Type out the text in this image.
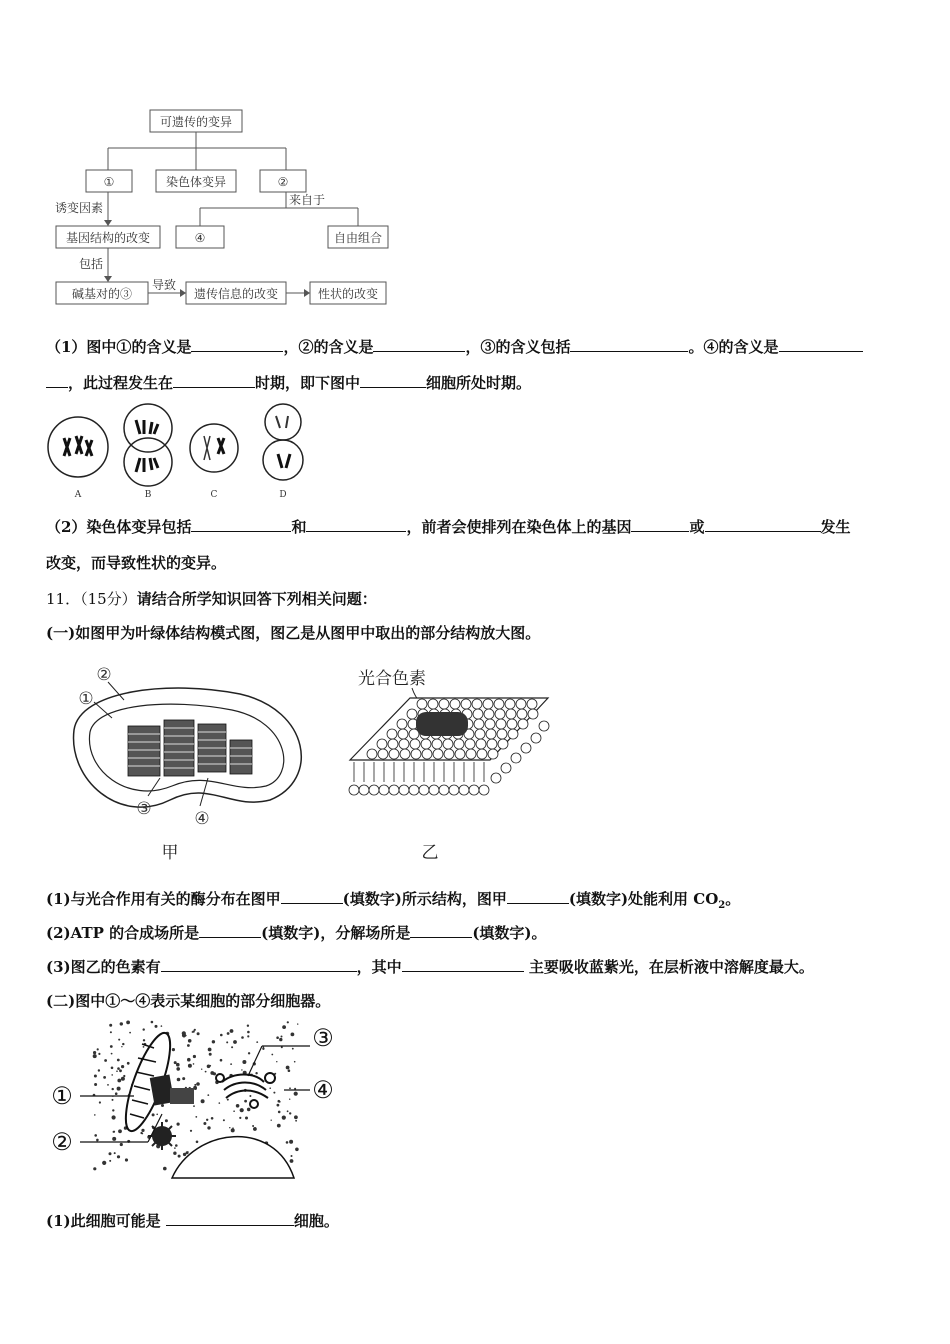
可遗传的变异
①	染色体变异	②
诱变因素
来自于
基因结构的改变	④	自由组合
包括
碱基对的③
导致
遗传信息的改变	性状的改变
（1）图中①的含义是	，②的含义是	，③的含义包括	。④的含义是
，此过程发生在	时期，即下图中	细胞所处时期。
A	B	C	D
（2）染色体变异包括	和	，前者会使排列在染色体上的基因	或	发生
改变，而导致性状的变异。
11．（15分）请结合所学知识回答下列相关问题：
(一)如图甲为叶绿体结构模式图，图乙是从图甲中取出的部分结构放大图。
②
①
③	④
甲
光合色素
乙
(1)与光合作用有关的酶分布在图甲	(填数字)所示结构，图甲	(填数字)处能利用 $CO_2$。
(2)ATP 的合成场所是	(填数字)，分解场所是	(填数字)。
(3)图乙的色素有	，其中	主要吸收蓝紫光，在层析液中溶解度最大。
(二)图中①～④表示某细胞的部分细胞器。
①
②
③
④
(1)此细胞可能是	细胞。
